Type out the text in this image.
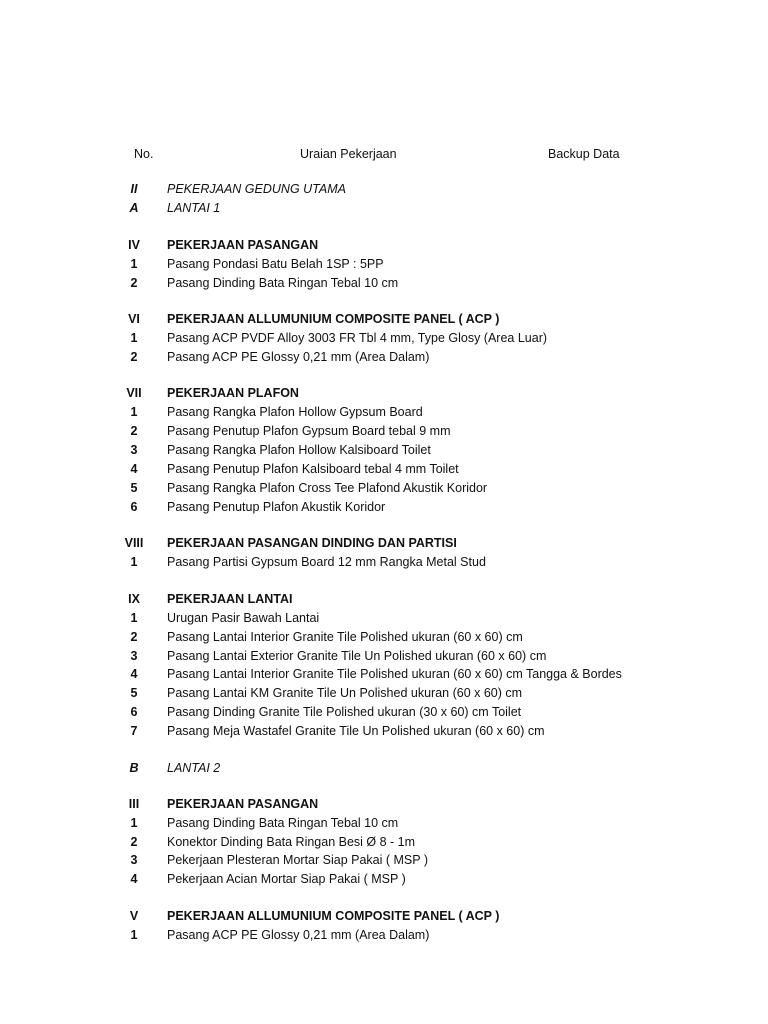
No.	Uraian Pekerjaan	Backup Data
II	PEKERJAAN GEDUNG UTAMA
A	LANTAI 1
IV	PEKERJAAN PASANGAN
1	Pasang Pondasi Batu Belah 1SP : 5PP
2	Pasang Dinding Bata Ringan Tebal 10 cm
VI	PEKERJAAN ALLUMUNIUM COMPOSITE PANEL ( ACP )
1	Pasang ACP PVDF Alloy 3003 FR Tbl 4 mm, Type Glosy (Area Luar)
2	Pasang ACP PE Glossy 0,21 mm (Area Dalam)
VII	PEKERJAAN PLAFON
1	Pasang Rangka Plafon Hollow Gypsum Board
2	Pasang Penutup Plafon Gypsum Board tebal 9 mm
3	Pasang Rangka Plafon Hollow Kalsiboard Toilet
4	Pasang Penutup Plafon Kalsiboard tebal 4 mm Toilet
5	Pasang Rangka Plafon Cross Tee Plafond Akustik Koridor
6	Pasang Penutup Plafon Akustik Koridor
VIII	PEKERJAAN PASANGAN DINDING DAN PARTISI
1	Pasang Partisi Gypsum Board 12 mm Rangka Metal Stud
IX	PEKERJAAN LANTAI
1	Urugan Pasir Bawah Lantai
2	Pasang Lantai Interior Granite Tile Polished ukuran (60 x 60) cm
3	Pasang Lantai Exterior Granite Tile Un Polished ukuran (60 x 60) cm
4	Pasang Lantai Interior Granite Tile Polished ukuran (60 x 60) cm Tangga & Bordes
5	Pasang Lantai KM Granite Tile Un Polished ukuran (60 x 60) cm
6	Pasang Dinding Granite Tile Polished ukuran (30 x 60) cm Toilet
7	Pasang Meja Wastafel Granite Tile Un Polished ukuran (60 x 60) cm
B	LANTAI 2
III	PEKERJAAN PASANGAN
1	Pasang Dinding Bata Ringan Tebal 10 cm
2	Konektor Dinding Bata Ringan Besi Ø 8 - 1m
3	Pekerjaan Plesteran Mortar Siap Pakai ( MSP )
4	Pekerjaan Acian Mortar Siap Pakai ( MSP )
V	PEKERJAAN ALLUMUNIUM COMPOSITE PANEL ( ACP )
1	Pasang ACP PE Glossy 0,21 mm (Area Dalam)
